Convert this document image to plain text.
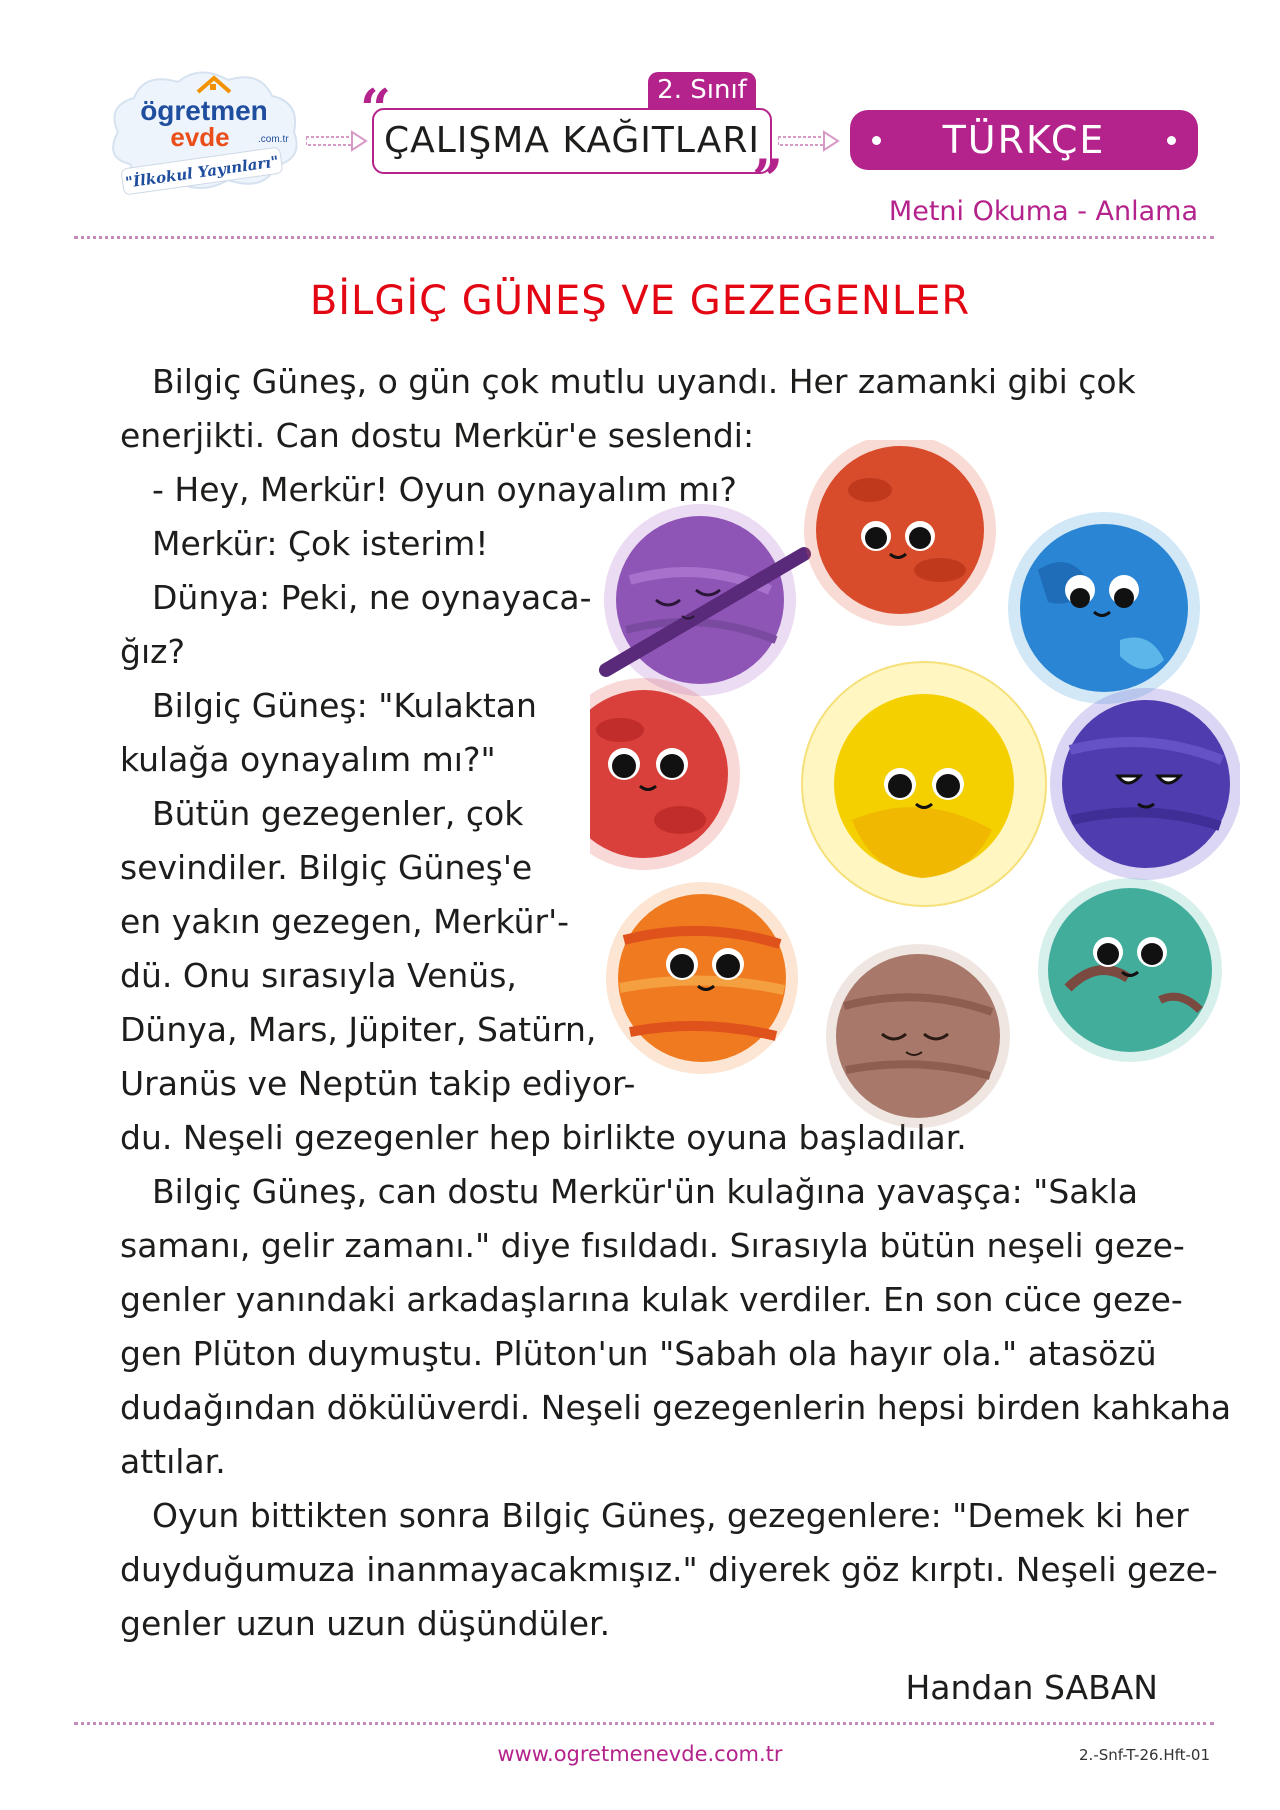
ögretmen
evde	.com.tr
"İlkokul Yayınları"
2. Sınıf
ÇALIŞMA KAĞITLARI
“
”
TÜRKÇE
Metni Okuma - Anlama
BİLGİÇ GÜNEŞ VE GEZEGENLER
Bilgiç Güneş, o gün çok mutlu uyandı. Her zamanki gibi çok
enerjikti. Can dostu Merkür'e seslendi:
- Hey, Merkür! Oyun oynayalım mı?
Merkür: Çok isterim!
Dünya: Peki, ne oynayaca-
ğız?
Bilgiç Güneş: "Kulaktan
kulağa oynayalım mı?"
Bütün gezegenler, çok
sevindiler. Bilgiç Güneş'e
en yakın gezegen, Merkür'-
dü. Onu sırasıyla Venüs,
Dünya, Mars, Jüpiter, Satürn,
Uranüs ve Neptün takip ediyor-
du. Neşeli gezegenler hep birlikte oyuna başladılar.
Bilgiç Güneş, can dostu Merkür'ün kulağına yavaşça: "Sakla
samanı, gelir zamanı." diye fısıldadı. Sırasıyla bütün neşeli geze-
genler yanındaki arkadaşlarına kulak verdiler. En son cüce geze-
gen Plüton duymuştu. Plüton'un "Sabah ola hayır ola." atasözü
dudağından dökülüverdi. Neşeli gezegenlerin hepsi birden kahkaha
attılar.
Oyun bittikten sonra Bilgiç Güneş, gezegenlere: "Demek ki her
duyduğumuza inanmayacakmışız." diyerek göz kırptı. Neşeli geze-
genler uzun uzun düşündüler.
Handan SABAN
www.ogretmenevde.com.tr	2.-Snf-T-26.Hft-01
